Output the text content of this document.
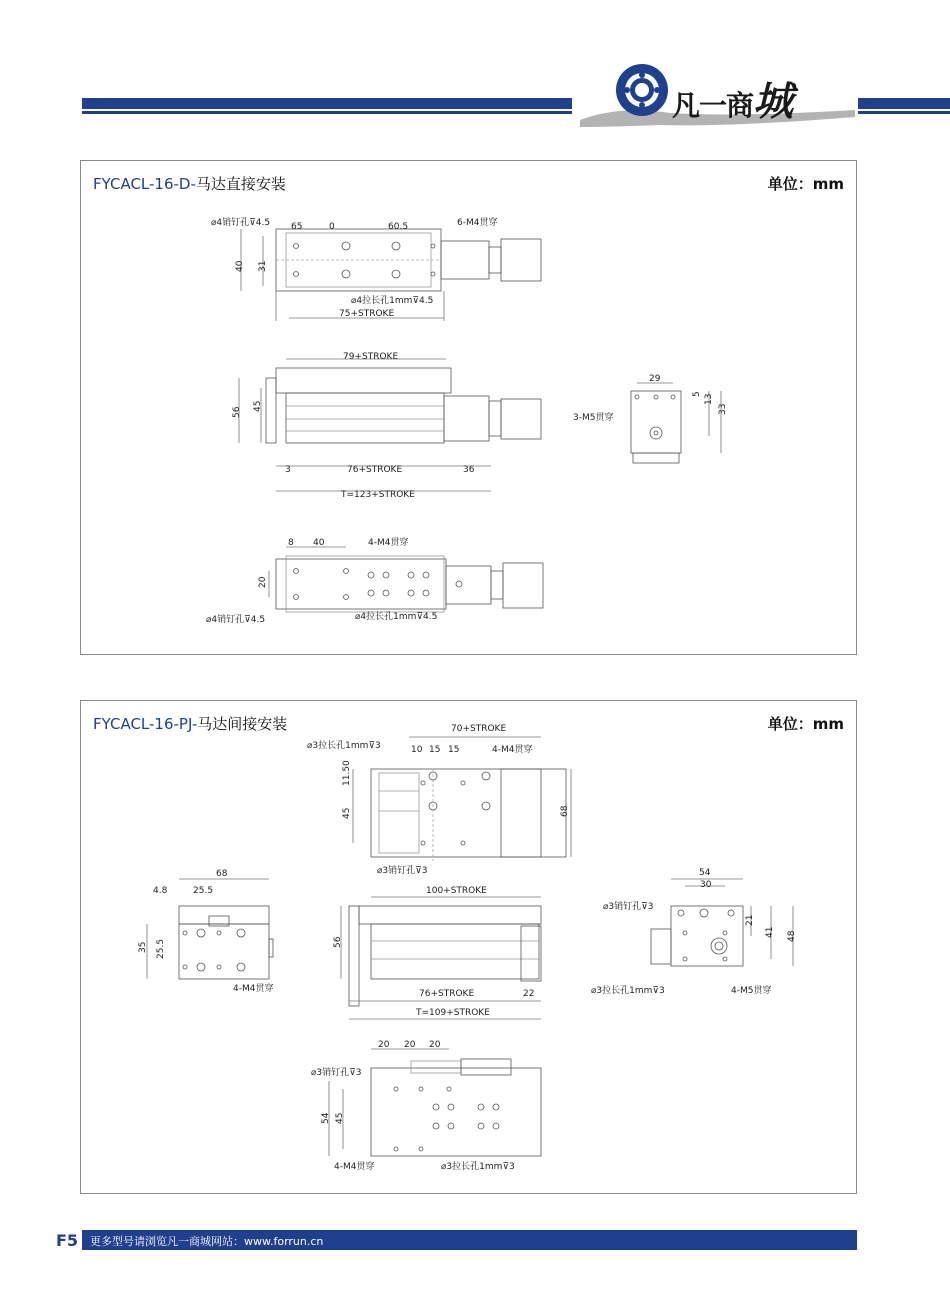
凡一商城
FYCACL-16-D-马达直接安装	单位：mm
⌀4销钉孔⊽4.5 65	0	60.5	6-M4贯穿
40 31
⌀4拉长孔1mm⊽4.5
75+STROKE
79+STROKE
56
45
3	76+STROKE	36
T=123+STROKE
29
5 13
33
3-M5贯穿
8 40	4-M4贯穿
20
⌀4销钉孔⊽4.5	⌀4拉长孔1mm⊽4.5
FYCACL-16-PJ-马达间接安装	单位：mm
70+STROKE
⌀3拉长孔1mm⊽3	10 15 15	4-M4贯穿
11.50
45	68
⌀3销钉孔⊽3
68
4.8	25.5
35 25.5
4-M4贯穿
100+STROKE
56
76+STROKE	22
T=109+STROKE
54
30
⌀3销钉孔⊽3
21
41 48
⌀3拉长孔1mm⊽3	4-M5贯穿
20 20 20
⌀3销钉孔⊽3
54 45
4-M4贯穿	⌀3拉长孔1mm⊽3
F5 更多型号请浏览凡一商城网站：www.forrun.cn
